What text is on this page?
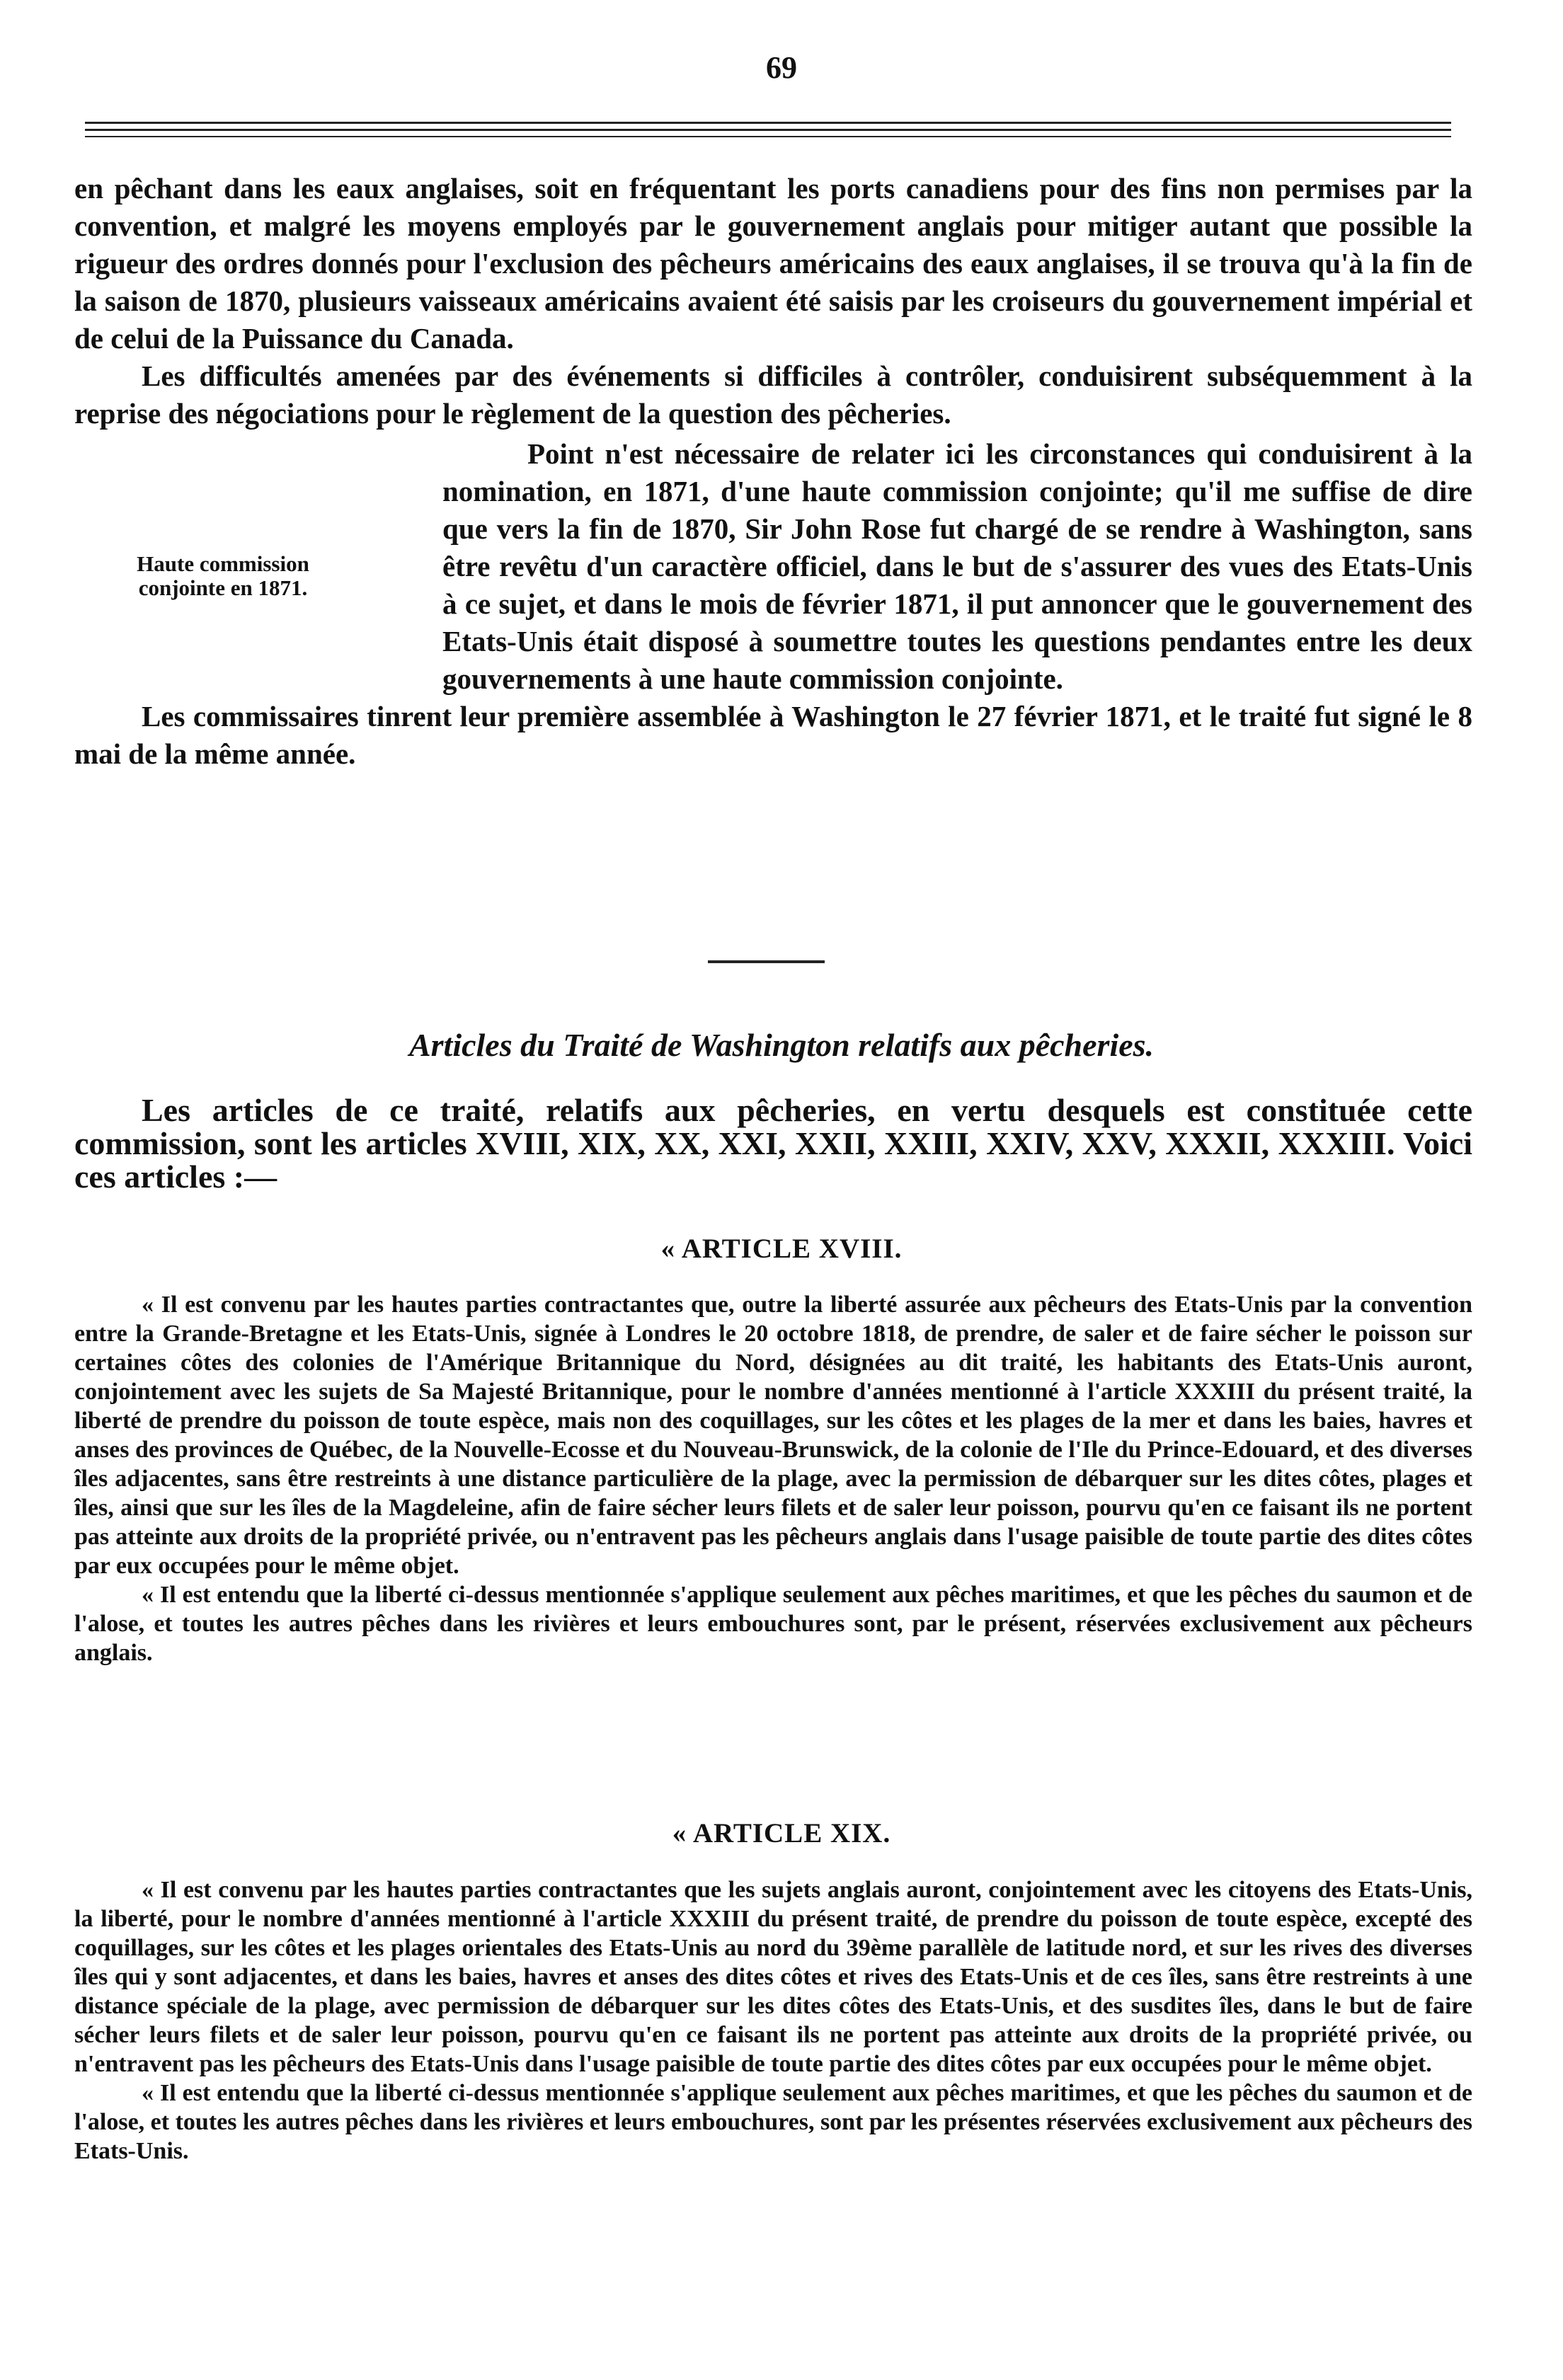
69

en pêchant dans les eaux anglaises, soit en fréquentant les ports canadiens pour des fins non permises par la convention, et malgré les moyens employés par le gouvernement anglais pour mitiger autant que possible la rigueur des ordres donnés pour l'exclusion des pêcheurs américains des eaux anglaises, il se trouva qu'à la fin de la saison de 1870, plusieurs vaisseaux américains avaient été saisis par les croiseurs du gouvernement impérial et de celui de la Puissance du Canada.

Les difficultés amenées par des événements si difficiles à contrôler, conduisirent subséquemment à la reprise des négociations pour le règlement de la question des pêcheries.

Point n'est nécessaire de relater ici les circonstances qui conduisirent à la nomination, en 1871, d'une haute commission conjointe; qu'il me suffise de dire que vers la fin de 1870, Sir John Rose fut chargé de se rendre à Washington, sans être revêtu d'un caractère officiel, dans le but de s'assurer des vues des Etats-Unis à ce sujet, et dans le mois de février 1871, il put annoncer que le gouvernement des Etats-Unis était disposé à soumettre toutes les questions pendantes entre les deux gouvernements à une haute commission conjointe.

Les commissaires tinrent leur première assemblée à Washington le 27 février 1871, et le traité fut signé le 8 mai de la même année.

Haute commission
conjointe en 1871.
Articles du Traité de Washington relatifs aux pêcheries.

Les articles de ce traité, relatifs aux pêcheries, en vertu desquels est constituée cette commission, sont les articles XVIII, XIX, XX, XXI, XXII, XXIII, XXIV, XXV, XXXII, XXXIII. Voici ces articles :—

« ARTICLE XVIII.

« Il est convenu par les hautes parties contractantes que, outre la liberté assurée aux pêcheurs des Etats-Unis par la convention entre la Grande-Bretagne et les Etats-Unis, signée à Londres le 20 octobre 1818, de prendre, de saler et de faire sécher le poisson sur certaines côtes des colonies de l'Amérique Britannique du Nord, désignées au dit traité, les habitants des Etats-Unis auront, conjointement avec les sujets de Sa Majesté Britannique, pour le nombre d'années mentionné à l'article XXXIII du présent traité, la liberté de prendre du poisson de toute espèce, mais non des coquillages, sur les côtes et les plages de la mer et dans les baies, havres et anses des provinces de Québec, de la Nouvelle-Ecosse et du Nouveau-Brunswick, de la colonie de l'Ile du Prince-Edouard, et des diverses îles adjacentes, sans être restreints à une distance particulière de la plage, avec la permission de débarquer sur les dites côtes, plages et îles, ainsi que sur les îles de la Magdeleine, afin de faire sécher leurs filets et de saler leur poisson, pourvu qu'en ce faisant ils ne portent pas atteinte aux droits de la propriété privée, ou n'entravent pas les pêcheurs anglais dans l'usage paisible de toute partie des dites côtes par eux occupées pour le même objet.

« Il est entendu que la liberté ci-dessus mentionnée s'applique seulement aux pêches maritimes, et que les pêches du saumon et de l'alose, et toutes les autres pêches dans les rivières et leurs embouchures sont, par le présent, réservées exclusivement aux pêcheurs anglais.

« ARTICLE XIX.

« Il est convenu par les hautes parties contractantes que les sujets anglais auront, conjointement avec les citoyens des Etats-Unis, la liberté, pour le nombre d'années mentionné à l'article XXXIII du présent traité, de prendre du poisson de toute espèce, excepté des coquillages, sur les côtes et les plages orientales des Etats-Unis au nord du 39ème parallèle de latitude nord, et sur les rives des diverses îles qui y sont adjacentes, et dans les baies, havres et anses des dites côtes et rives des Etats-Unis et de ces îles, sans être restreints à une distance spéciale de la plage, avec permission de débarquer sur les dites côtes des Etats-Unis, et des susdites îles, dans le but de faire sécher leurs filets et de saler leur poisson, pourvu qu'en ce faisant ils ne portent pas atteinte aux droits de la propriété privée, ou n'entravent pas les pêcheurs des Etats-Unis dans l'usage paisible de toute partie des dites côtes par eux occupées pour le même objet.

« Il est entendu que la liberté ci-dessus mentionnée s'applique seulement aux pêches maritimes, et que les pêches du saumon et de l'alose, et toutes les autres pêches dans les rivières et leurs embouchures, sont par les présentes réservées exclusivement aux pêcheurs des Etats-Unis.
